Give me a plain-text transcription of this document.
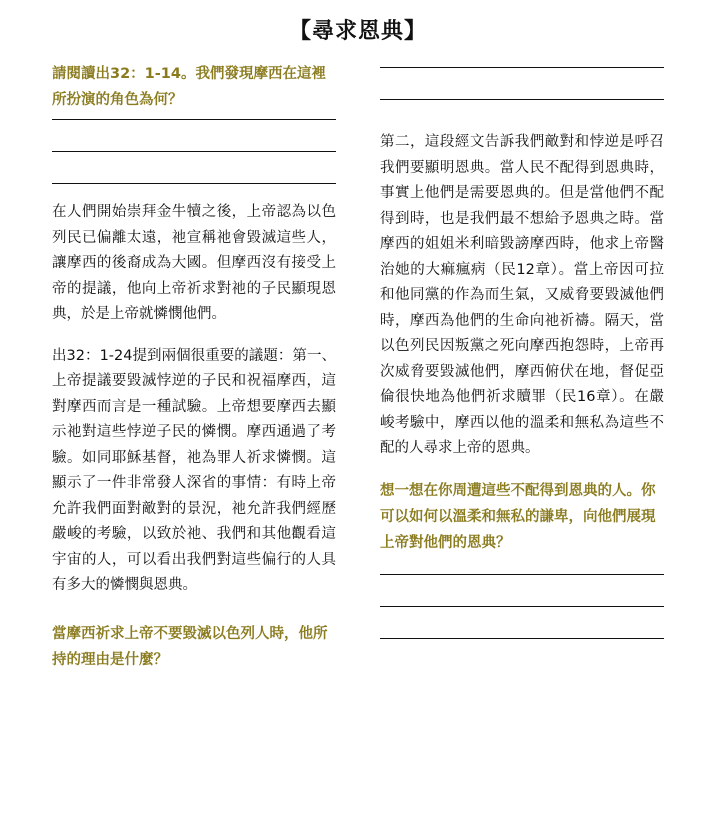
【尋求恩典】

請閱讀出32：1-14。我們發現摩西在這裡所扮演的角色為何？

在人們開始崇拜金牛犢之後，上帝認為以色列民已偏離太遠，祂宣稱祂會毀滅這些人，讓摩西的後裔成為大國。但摩西沒有接受上帝的提議，他向上帝祈求對祂的子民顯現恩典，於是上帝就憐憫他們。

出32：1-24提到兩個很重要的議題：第一、上帝提議要毀滅悖逆的子民和祝福摩西，這對摩西而言是一種試驗。上帝想要摩西去顯示祂對這些悖逆子民的憐憫。摩西通過了考驗。如同耶穌基督，祂為罪人祈求憐憫。這顯示了一件非常發人深省的事情：有時上帝允許我們面對敵對的景況，祂允許我們經歷嚴峻的考驗，以致於祂、我們和其他觀看這宇宙的人，可以看出我們對這些偏行的人具有多大的憐憫與恩典。

當摩西祈求上帝不要毀滅以色列人時，他所持的理由是什麼？

第二，這段經文告訴我們敵對和悖逆是呼召我們要顯明恩典。當人民不配得到恩典時，事實上他們是需要恩典的。但是當他們不配得到時，也是我們最不想給予恩典之時。當摩西的姐姐米利暗毀謗摩西時，他求上帝醫治她的大痲瘋病（民12章）。當上帝因可拉和他同黨的作為而生氣，又威脅要毀滅他們時，摩西為他們的生命向祂祈禱。隔天，當以色列民因叛黨之死向摩西抱怨時，上帝再次威脅要毀滅他們，摩西俯伏在地，督促亞倫很快地為他們祈求贖罪（民16章）。在嚴峻考驗中，摩西以他的溫柔和無私為這些不配的人尋求上帝的恩典。

想一想在你周遭這些不配得到恩典的人。你可以如何以溫柔和無私的謙卑，向他們展現上帝對他們的恩典？
